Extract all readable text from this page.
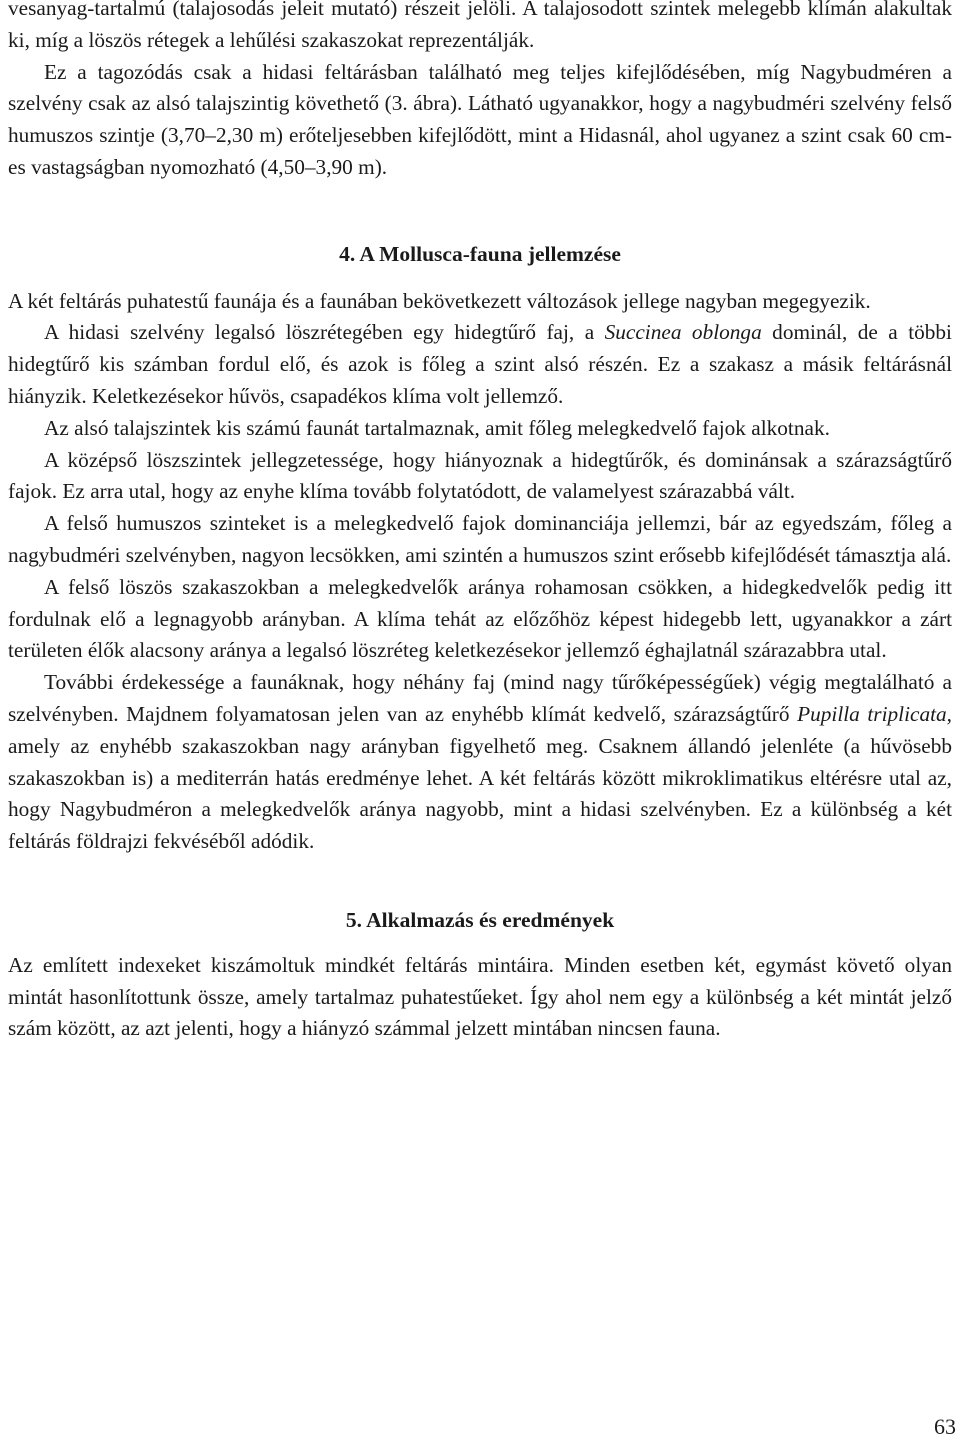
vesanyag-tartalmú (talajosodás jeleit mutató) részeit jelöli. A talajosodott szintek melegebb klímán alakultak ki, míg a löszös rétegek a lehűlési szakaszokat reprezentálják.

Ez a tagozódás csak a hidasi feltárásban található meg teljes kifejlődésében, míg Nagybudméren a szelvény csak az alsó talajszintig követhető (3. ábra). Látható ugyanakkor, hogy a nagybudméri szelvény felső humuszos szintje (3,70–2,30 m) erőteljesebben kifejlődött, mint a Hidasnál, ahol ugyanez a szint csak 60 cm-es vastagságban nyomozható (4,50–3,90 m).

4. A Mollusca-fauna jellemzése

A két feltárás puhatestű faunája és a faunában bekövetkezett változások jellege nagyban megegyezik.

A hidasi szelvény legalsó löszrétegében egy hidegtűrő faj, a Succinea oblonga dominál, de a többi hidegtűrő kis számban fordul elő, és azok is főleg a szint alsó részén. Ez a szakasz a másik feltárásnál hiányzik. Keletkezésekor hűvös, csapadékos klíma volt jellemző.

Az alsó talajszintek kis számú faunát tartalmaznak, amit főleg melegkedvelő fajok alkotnak.

A középső löszszintek jellegzetessége, hogy hiányoznak a hidegtűrők, és dominánsak a szárazságtűrő fajok. Ez arra utal, hogy az enyhe klíma tovább folytatódott, de valamelyest szárazabbá vált.

A felső humuszos szinteket is a melegkedvelő fajok dominanciája jellemzi, bár az egyedszám, főleg a nagybudméri szelvényben, nagyon lecsökken, ami szintén a humuszos szint erősebb kifejlődését támasztja alá.

A felső löszös szakaszokban a melegkedvelők aránya rohamosan csökken, a hidegkedvelők pedig itt fordulnak elő a legnagyobb arányban. A klíma tehát az előzőhöz képest hidegebb lett, ugyanakkor a zárt területen élők alacsony aránya a legalsó löszréteg keletkezésekor jellemző éghajlatnál szárazabbra utal.

További érdekessége a faunáknak, hogy néhány faj (mind nagy tűrőképességűek) végig megtalálható a szelvényben. Majdnem folyamatosan jelen van az enyhébb klímát kedvelő, szárazságtűrő Pupilla triplicata, amely az enyhébb szakaszokban nagy arányban figyelhető meg. Csaknem állandó jelenléte (a hűvösebb szakaszokban is) a mediterrán hatás eredménye lehet. A két feltárás között mikroklimatikus eltérésre utal az, hogy Nagybudméron a melegkedvelők aránya nagyobb, mint a hidasi szelvényben. Ez a különbség a két feltárás földrajzi fekvéséből adódik.

5. Alkalmazás és eredmények

Az említett indexeket kiszámoltuk mindkét feltárás mintáira. Minden esetben két, egymást követő olyan mintát hasonlítottunk össze, amely tartalmaz puhatestűeket. Így ahol nem egy a különbség a két mintát jelző szám között, az azt jelenti, hogy a hiányzó számmal jelzett mintában nincsen fauna.

63
